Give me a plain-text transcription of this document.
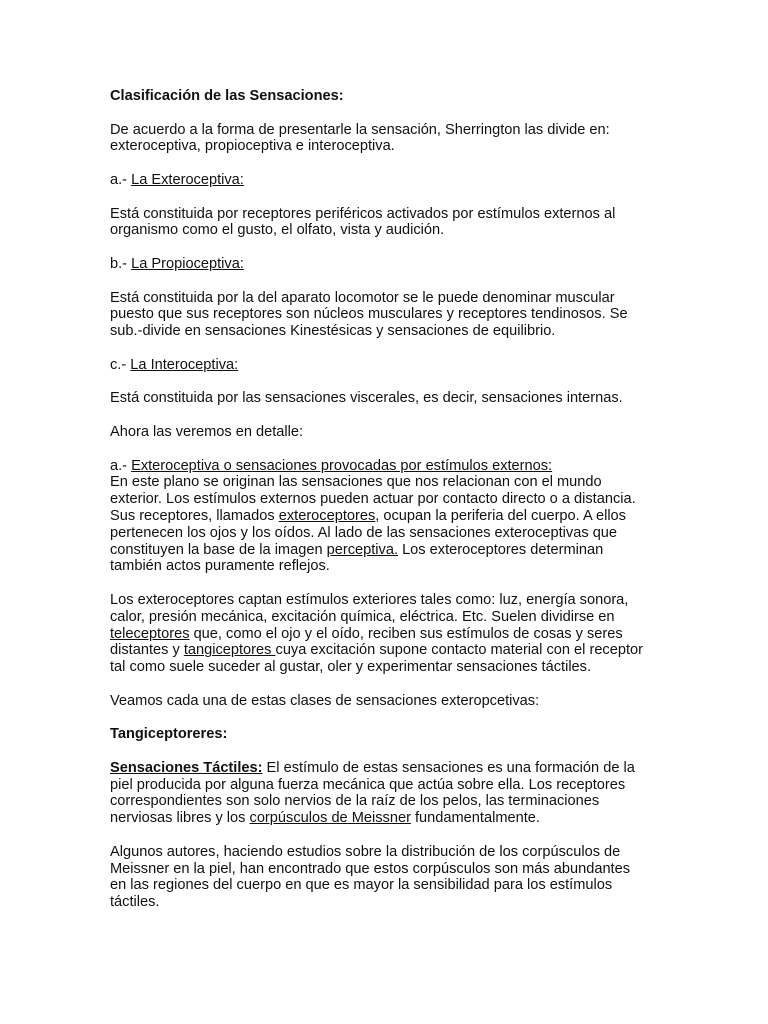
Clasificación de las Sensaciones:

De acuerdo a la forma de presentarle la sensación, Sherrington las divide en:

exteroceptiva, propioceptiva e interoceptiva.

a.- La Exteroceptiva:

Está constituida por receptores periféricos activados por estímulos externos al

organismo como el gusto, el olfato, vista y audición.

b.- La Propioceptiva:

Está constituida por la del aparato locomotor se le puede denominar muscular

puesto que sus receptores son núcleos musculares y receptores tendinosos. Se

sub.-divide en sensaciones Kinestésicas y sensaciones de equilibrio.

c.- La Interoceptiva:

Está constituida por las sensaciones viscerales, es decir, sensaciones internas.

Ahora las veremos en detalle:

a.- Exteroceptiva o sensaciones provocadas por estímulos externos:

En este plano se originan las sensaciones que nos relacionan con el mundo

exterior. Los estímulos externos pueden actuar por contacto directo o a distancia.

Sus receptores, llamados exteroceptores, ocupan la periferia del cuerpo. A ellos

pertenecen los ojos y los oídos. Al lado de las sensaciones exteroceptivas que

constituyen la base de la imagen perceptiva. Los exteroceptores determinan

también actos puramente reflejos.

Los exteroceptores captan estímulos exteriores tales como: luz, energía sonora,

calor, presión mecánica, excitación química, eléctrica. Etc. Suelen dividirse en

teleceptores que, como el ojo y el oído, reciben sus estímulos de cosas y seres

distantes y tangiceptores cuya excitación supone contacto material con el receptor

tal como suele suceder al gustar, oler y experimentar sensaciones táctiles.

Veamos cada una de estas clases de sensaciones exteropcetivas:

Tangiceptoreres:

Sensaciones Táctiles: El estímulo de estas sensaciones es una formación de la

piel producida por alguna fuerza mecánica que actúa sobre ella. Los receptores

correspondientes son solo nervios de la raíz de los pelos, las terminaciones

nerviosas libres y los corpúsculos de Meissner fundamentalmente.

Algunos autores, haciendo estudios sobre la distribución de los corpúsculos de

Meissner en la piel, han encontrado que estos corpúsculos son más abundantes

en las regiones del cuerpo en que es mayor la sensibilidad para los estímulos

táctiles.
